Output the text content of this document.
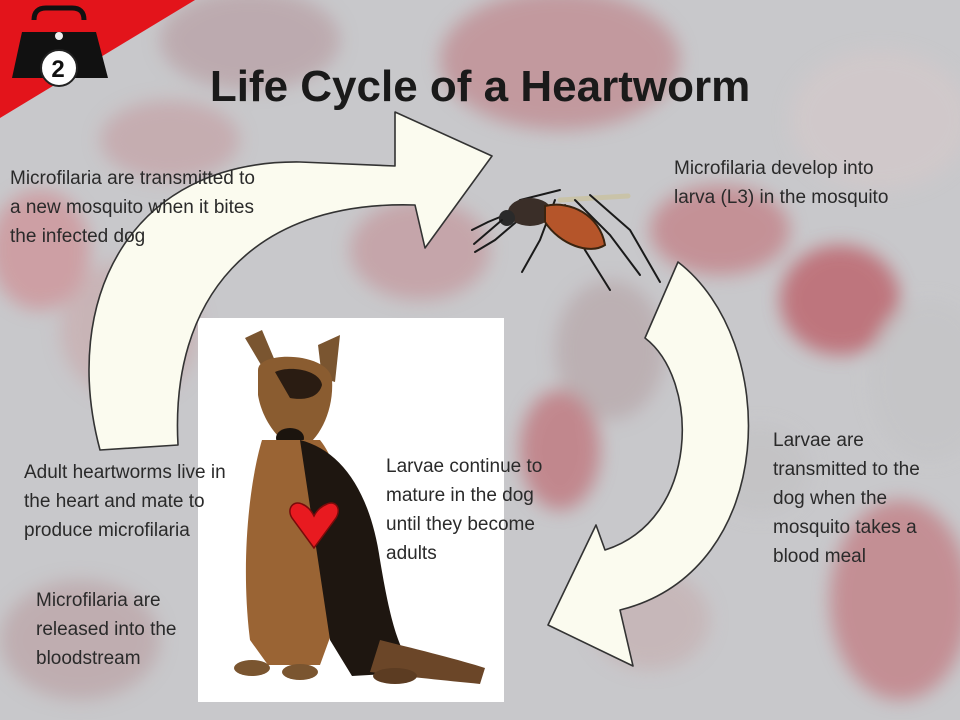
2	Life Cycle of a Heartworm

Microfilaria are transmitted to a new mosquito when it bites the infected dog

Microfilaria develop into larva (L3) in the mosquito

Larvae are transmitted to the dog when the mosquito takes a blood meal

Larvae continue to mature in the dog until they become adults

Adult heartworms live in the heart and mate to produce microfilaria

Microfilaria are released into the bloodstream
